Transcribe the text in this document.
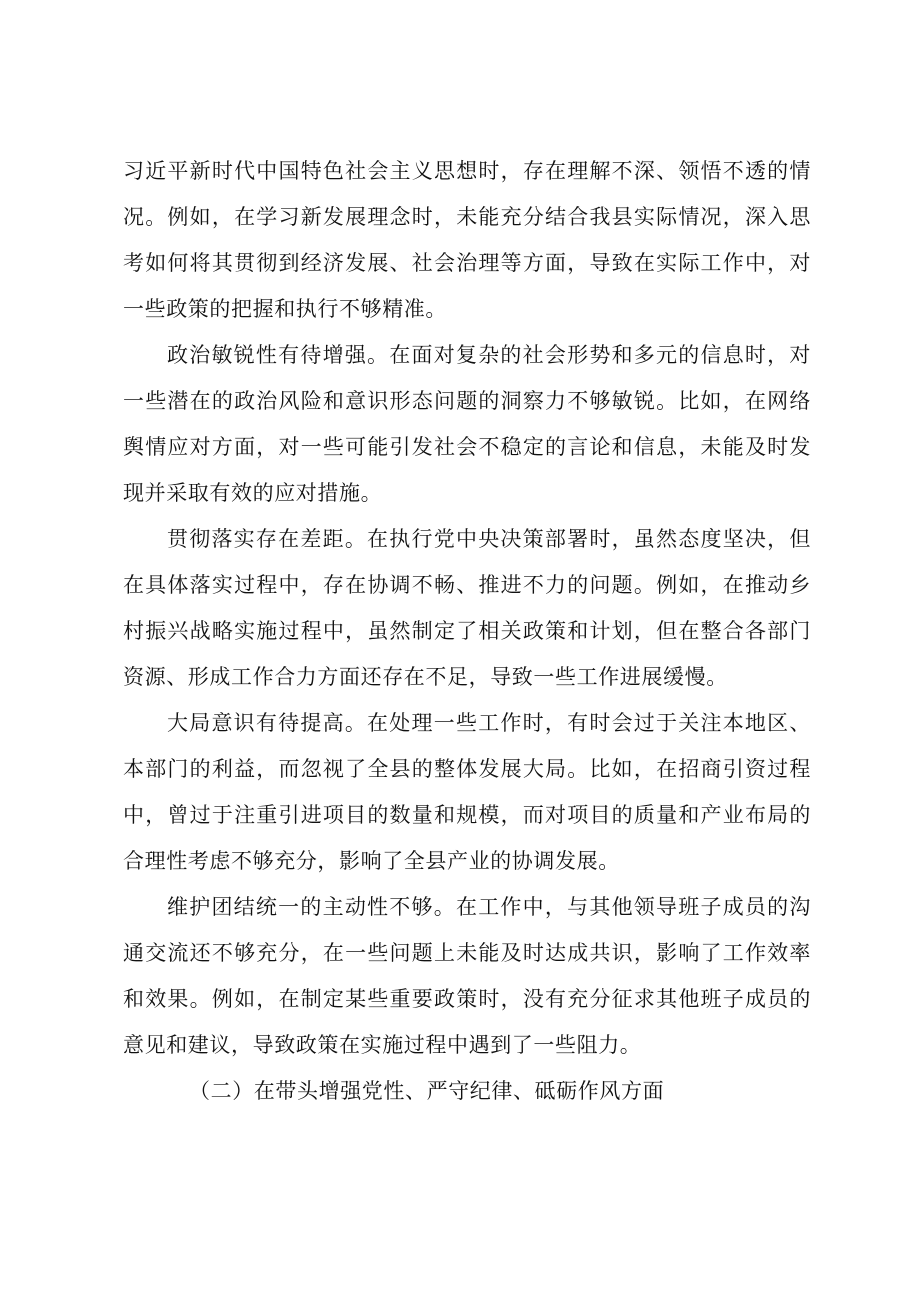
习近平新时代中国特色社会主义思想时，存在理解不深、领悟不透的情况。例如，在学习新发展理念时，未能充分结合我县实际情况，深入思考如何将其贯彻到经济发展、社会治理等方面，导致在实际工作中，对一些政策的把握和执行不够精准。

政治敏锐性有待增强。在面对复杂的社会形势和多元的信息时，对一些潜在的政治风险和意识形态问题的洞察力不够敏锐。比如，在网络舆情应对方面，对一些可能引发社会不稳定的言论和信息，未能及时发现并采取有效的应对措施。

贯彻落实存在差距。在执行党中央决策部署时，虽然态度坚决，但在具体落实过程中，存在协调不畅、推进不力的问题。例如，在推动乡村振兴战略实施过程中，虽然制定了相关政策和计划，但在整合各部门资源、形成工作合力方面还存在不足，导致一些工作进展缓慢。

大局意识有待提高。在处理一些工作时，有时会过于关注本地区、本部门的利益，而忽视了全县的整体发展大局。比如，在招商引资过程中，曾过于注重引进项目的数量和规模，而对项目的质量和产业布局的合理性考虑不够充分，影响了全县产业的协调发展。

维护团结统一的主动性不够。在工作中，与其他领导班子成员的沟通交流还不够充分，在一些问题上未能及时达成共识，影响了工作效率和效果。例如，在制定某些重要政策时，没有充分征求其他班子成员的意见和建议，导致政策在实施过程中遇到了一些阻力。

（二）在带头增强党性、严守纪律、砥砺作风方面
